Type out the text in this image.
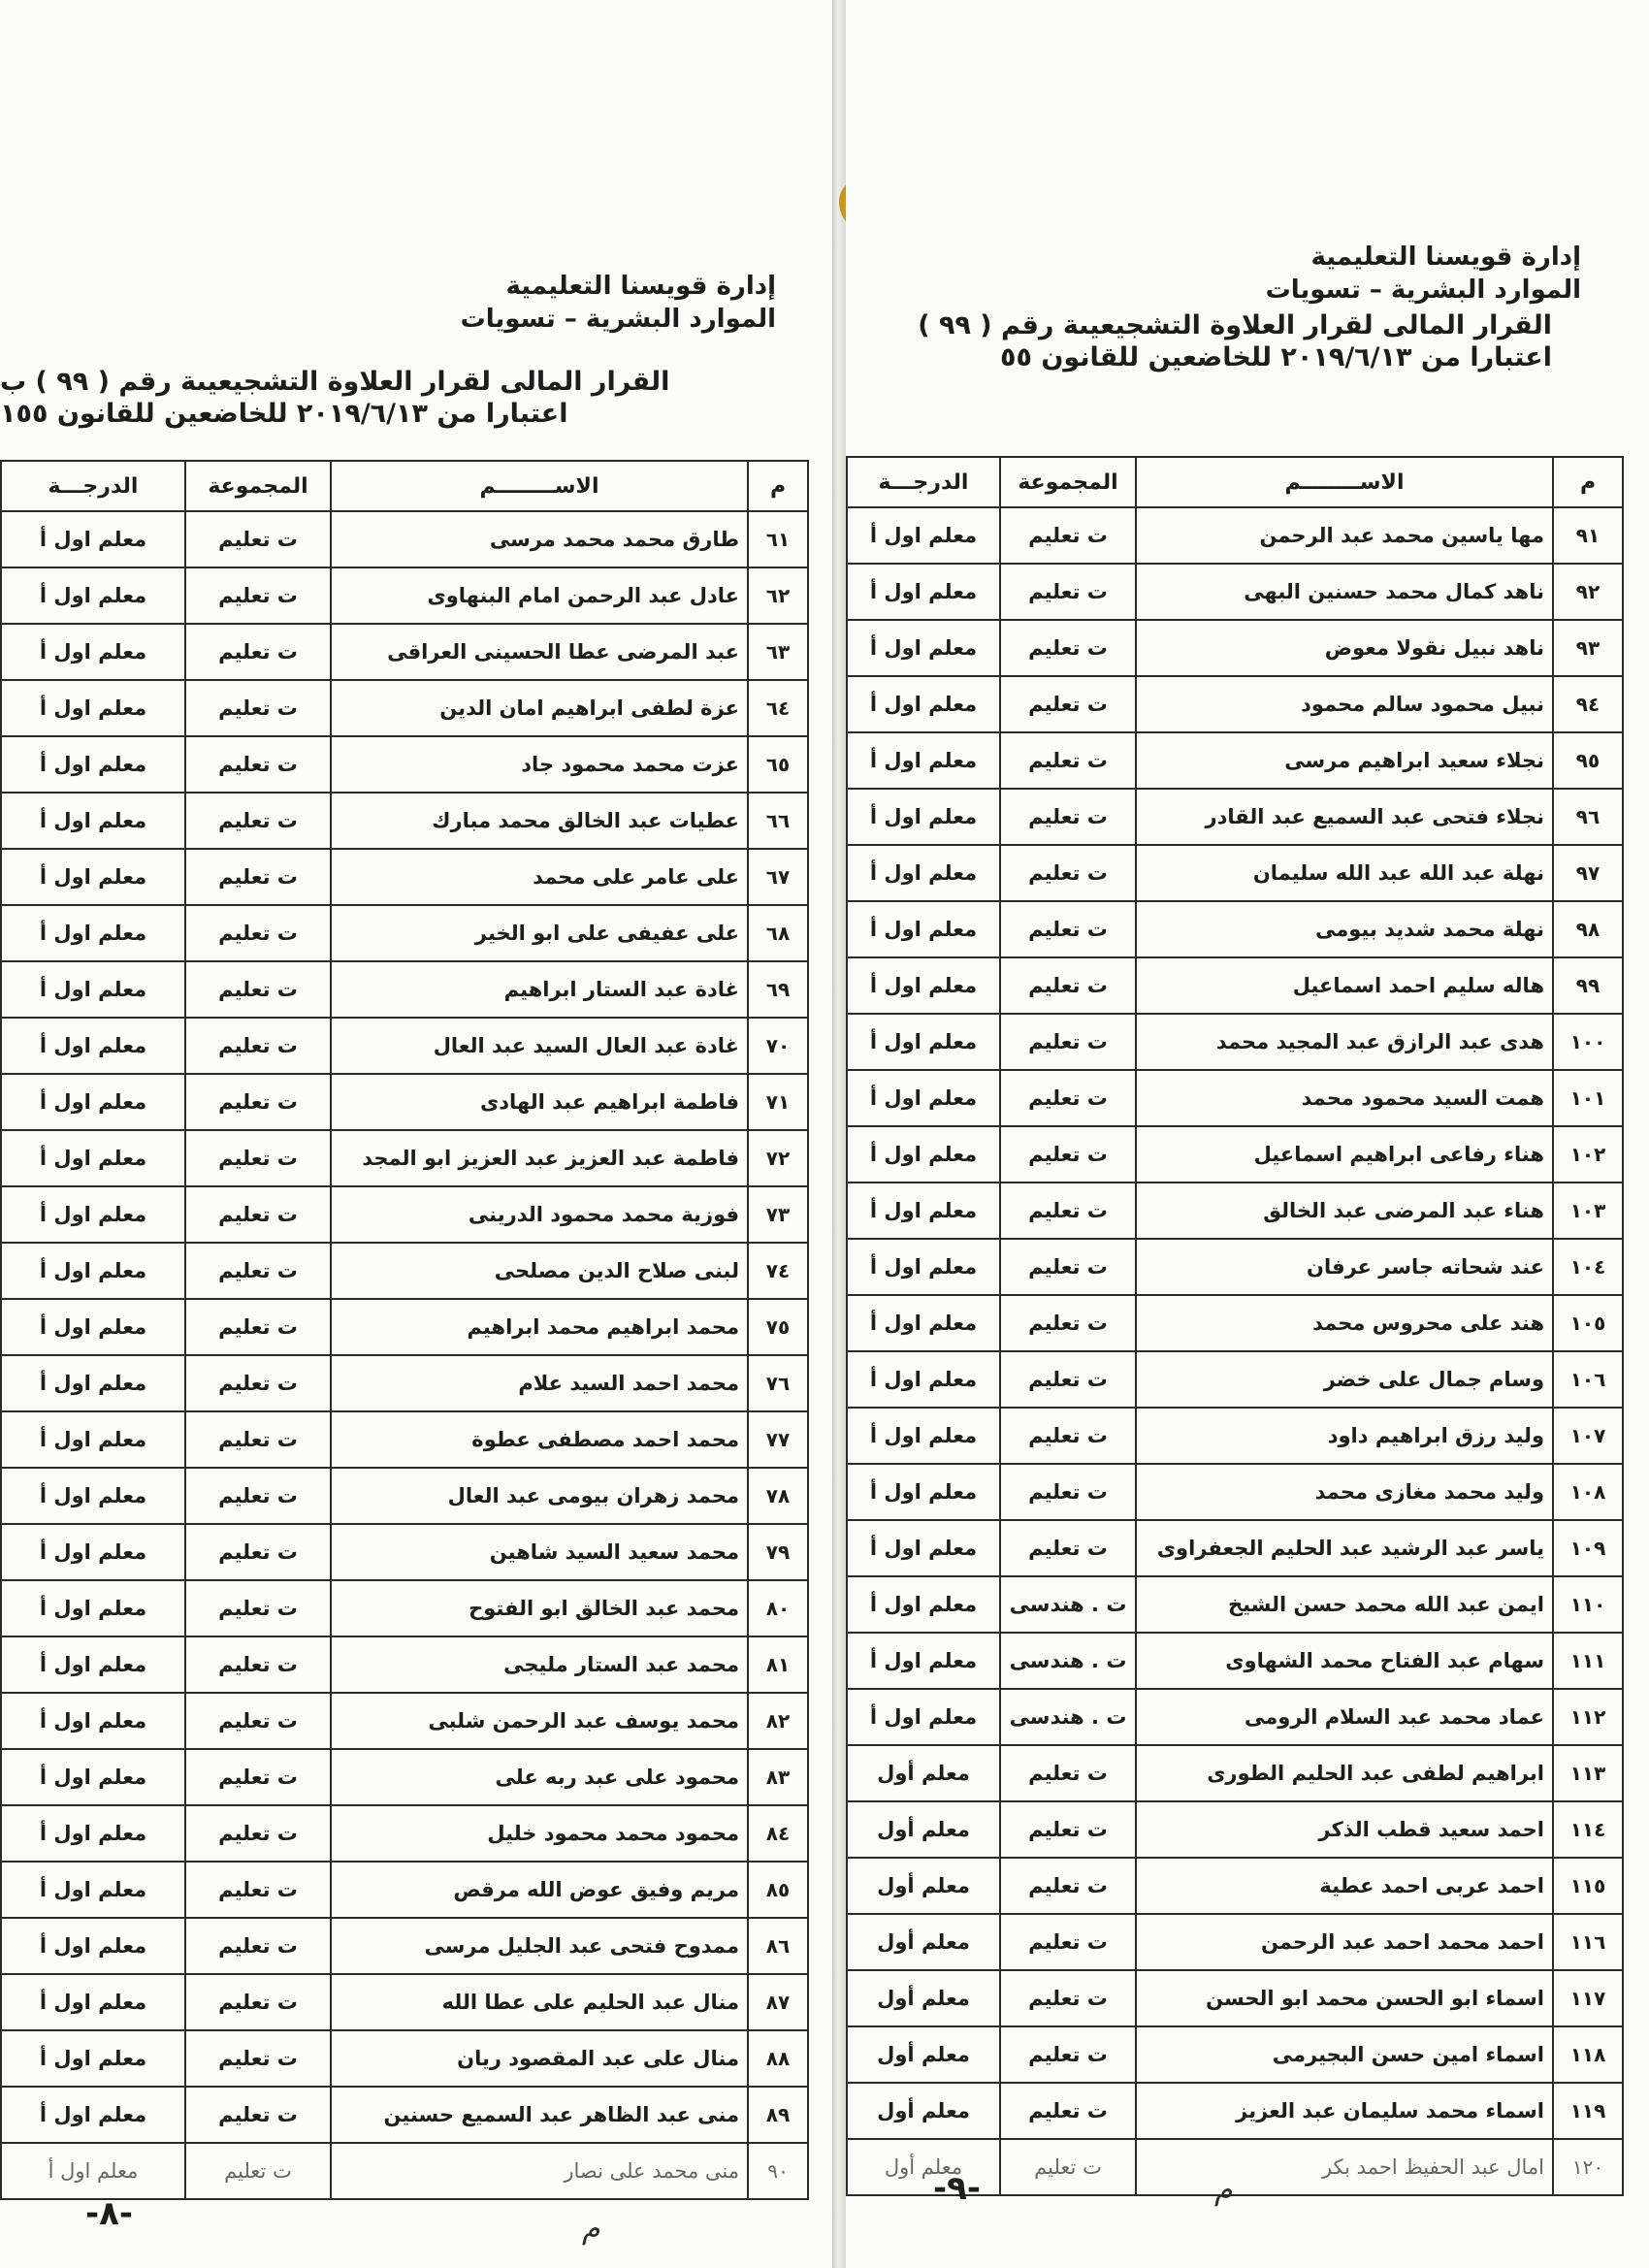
إدارة قويسنا التعليمية
الموارد البشرية – تسويات
القرار المالى لقرار العلاوة التشجيعيىة رقم ( ٩٩ ) ب
اعتبارا من ٢٠١٩/٦/١٣ للخاضعين للقانون ١٥٥
م	الاســــــــم	المجموعة	الدرجـــة
٦١	طارق محمد محمد مرسى	ت تعليم	معلم اول أ
٦٢	عادل عبد الرحمن امام البنهاوى	ت تعليم	معلم اول أ
٦٣	عبد المرضى عطا الحسينى العراقى	ت تعليم	معلم اول أ
٦٤	عزة لطفى ابراهيم امان الدين	ت تعليم	معلم اول أ
٦٥	عزت محمد محمود جاد	ت تعليم	معلم اول أ
٦٦	عطيات عبد الخالق محمد مبارك	ت تعليم	معلم اول أ
٦٧	على عامر على محمد	ت تعليم	معلم اول أ
٦٨	على عفيفى على ابو الخير	ت تعليم	معلم اول أ
٦٩	غادة عبد الستار ابراهيم	ت تعليم	معلم اول أ
٧٠	غادة عبد العال السيد عبد العال	ت تعليم	معلم اول أ
٧١	فاطمة ابراهيم عبد الهادى	ت تعليم	معلم اول أ
٧٢	فاطمة عبد العزيز عبد العزيز ابو المجد	ت تعليم	معلم اول أ
٧٣	فوزية محمد محمود الدرينى	ت تعليم	معلم اول أ
٧٤	لبنى صلاح الدين مصلحى	ت تعليم	معلم اول أ
٧٥	محمد ابراهيم محمد ابراهيم	ت تعليم	معلم اول أ
٧٦	محمد احمد السيد علام	ت تعليم	معلم اول أ
٧٧	محمد احمد مصطفى عطوة	ت تعليم	معلم اول أ
٧٨	محمد زهران بيومى عبد العال	ت تعليم	معلم اول أ
٧٩	محمد سعيد السيد شاهين	ت تعليم	معلم اول أ
٨٠	محمد عبد الخالق ابو الفتوح	ت تعليم	معلم اول أ
٨١	محمد عبد الستار مليجى	ت تعليم	معلم اول أ
٨٢	محمد يوسف عبد الرحمن شلبى	ت تعليم	معلم اول أ
٨٣	محمود على عبد ربه على	ت تعليم	معلم اول أ
٨٤	محمود محمد محمود خليل	ت تعليم	معلم اول أ
٨٥	مريم وفيق عوض الله مرقص	ت تعليم	معلم اول أ
٨٦	ممدوح فتحى عبد الجليل مرسى	ت تعليم	معلم اول أ
٨٧	منال عبد الحليم على عطا الله	ت تعليم	معلم اول أ
٨٨	منال على عبد المقصود ريان	ت تعليم	معلم اول أ
٨٩	منى عبد الظاهر عبد السميع حسنين	ت تعليم	معلم اول أ
٩٠	منى محمد على نصار	ت تعليم	معلم اول أ
-٨-	م
إدارة قويسنا التعليمية
الموارد البشرية – تسويات
القرار المالى لقرار العلاوة التشجيعيىة رقم ( ٩٩ )
اعتبارا من ٢٠١٩/٦/١٣ للخاضعين للقانون ٥٥
م	الاســــــــم	المجموعة	الدرجـــة
٩١	مها ياسين محمد عبد الرحمن	ت تعليم	معلم اول أ
٩٢	ناهد كمال محمد حسنين البهى	ت تعليم	معلم اول أ
٩٣	ناهد نبيل نقولا معوض	ت تعليم	معلم اول أ
٩٤	نبيل محمود سالم محمود	ت تعليم	معلم اول أ
٩٥	نجلاء سعيد ابراهيم مرسى	ت تعليم	معلم اول أ
٩٦	نجلاء فتحى عبد السميع عبد القادر	ت تعليم	معلم اول أ
٩٧	نهلة عبد الله عبد الله سليمان	ت تعليم	معلم اول أ
٩٨	نهلة محمد شديد بيومى	ت تعليم	معلم اول أ
٩٩	هاله سليم احمد اسماعيل	ت تعليم	معلم اول أ
١٠٠	هدى عبد الرازق عبد المجيد محمد	ت تعليم	معلم اول أ
١٠١	همت السيد محمود محمد	ت تعليم	معلم اول أ
١٠٢	هناء رفاعى ابراهيم اسماعيل	ت تعليم	معلم اول أ
١٠٣	هناء عبد المرضى عبد الخالق	ت تعليم	معلم اول أ
١٠٤	عند شحاته جاسر عرفان	ت تعليم	معلم اول أ
١٠٥	هند على محروس محمد	ت تعليم	معلم اول أ
١٠٦	وسام جمال على خضر	ت تعليم	معلم اول أ
١٠٧	وليد رزق ابراهيم داود	ت تعليم	معلم اول أ
١٠٨	وليد محمد مغازى محمد	ت تعليم	معلم اول أ
١٠٩	ياسر عبد الرشيد عبد الحليم الجعفراوى	ت تعليم	معلم اول أ
١١٠	ايمن عبد الله محمد حسن الشيخ	ت . هندسى	معلم اول أ
١١١	سهام عبد الفتاح محمد الشهاوى	ت . هندسى	معلم اول أ
١١٢	عماد محمد عبد السلام الرومى	ت . هندسى	معلم اول أ
١١٣	ابراهيم لطفى عبد الحليم الطورى	ت تعليم	معلم أول
١١٤	احمد سعيد قطب الذكر	ت تعليم	معلم أول
١١٥	احمد عربى احمد عطية	ت تعليم	معلم أول
١١٦	احمد محمد احمد عبد الرحمن	ت تعليم	معلم أول
١١٧	اسماء ابو الحسن محمد ابو الحسن	ت تعليم	معلم أول
١١٨	اسماء امين حسن البجيرمى	ت تعليم	معلم أول
١١٩	اسماء محمد سليمان عبد العزيز	ت تعليم	معلم أول
١٢٠	امال عبد الحفيظ احمد بكر	ت تعليم	معلم أول
-٩-	م
